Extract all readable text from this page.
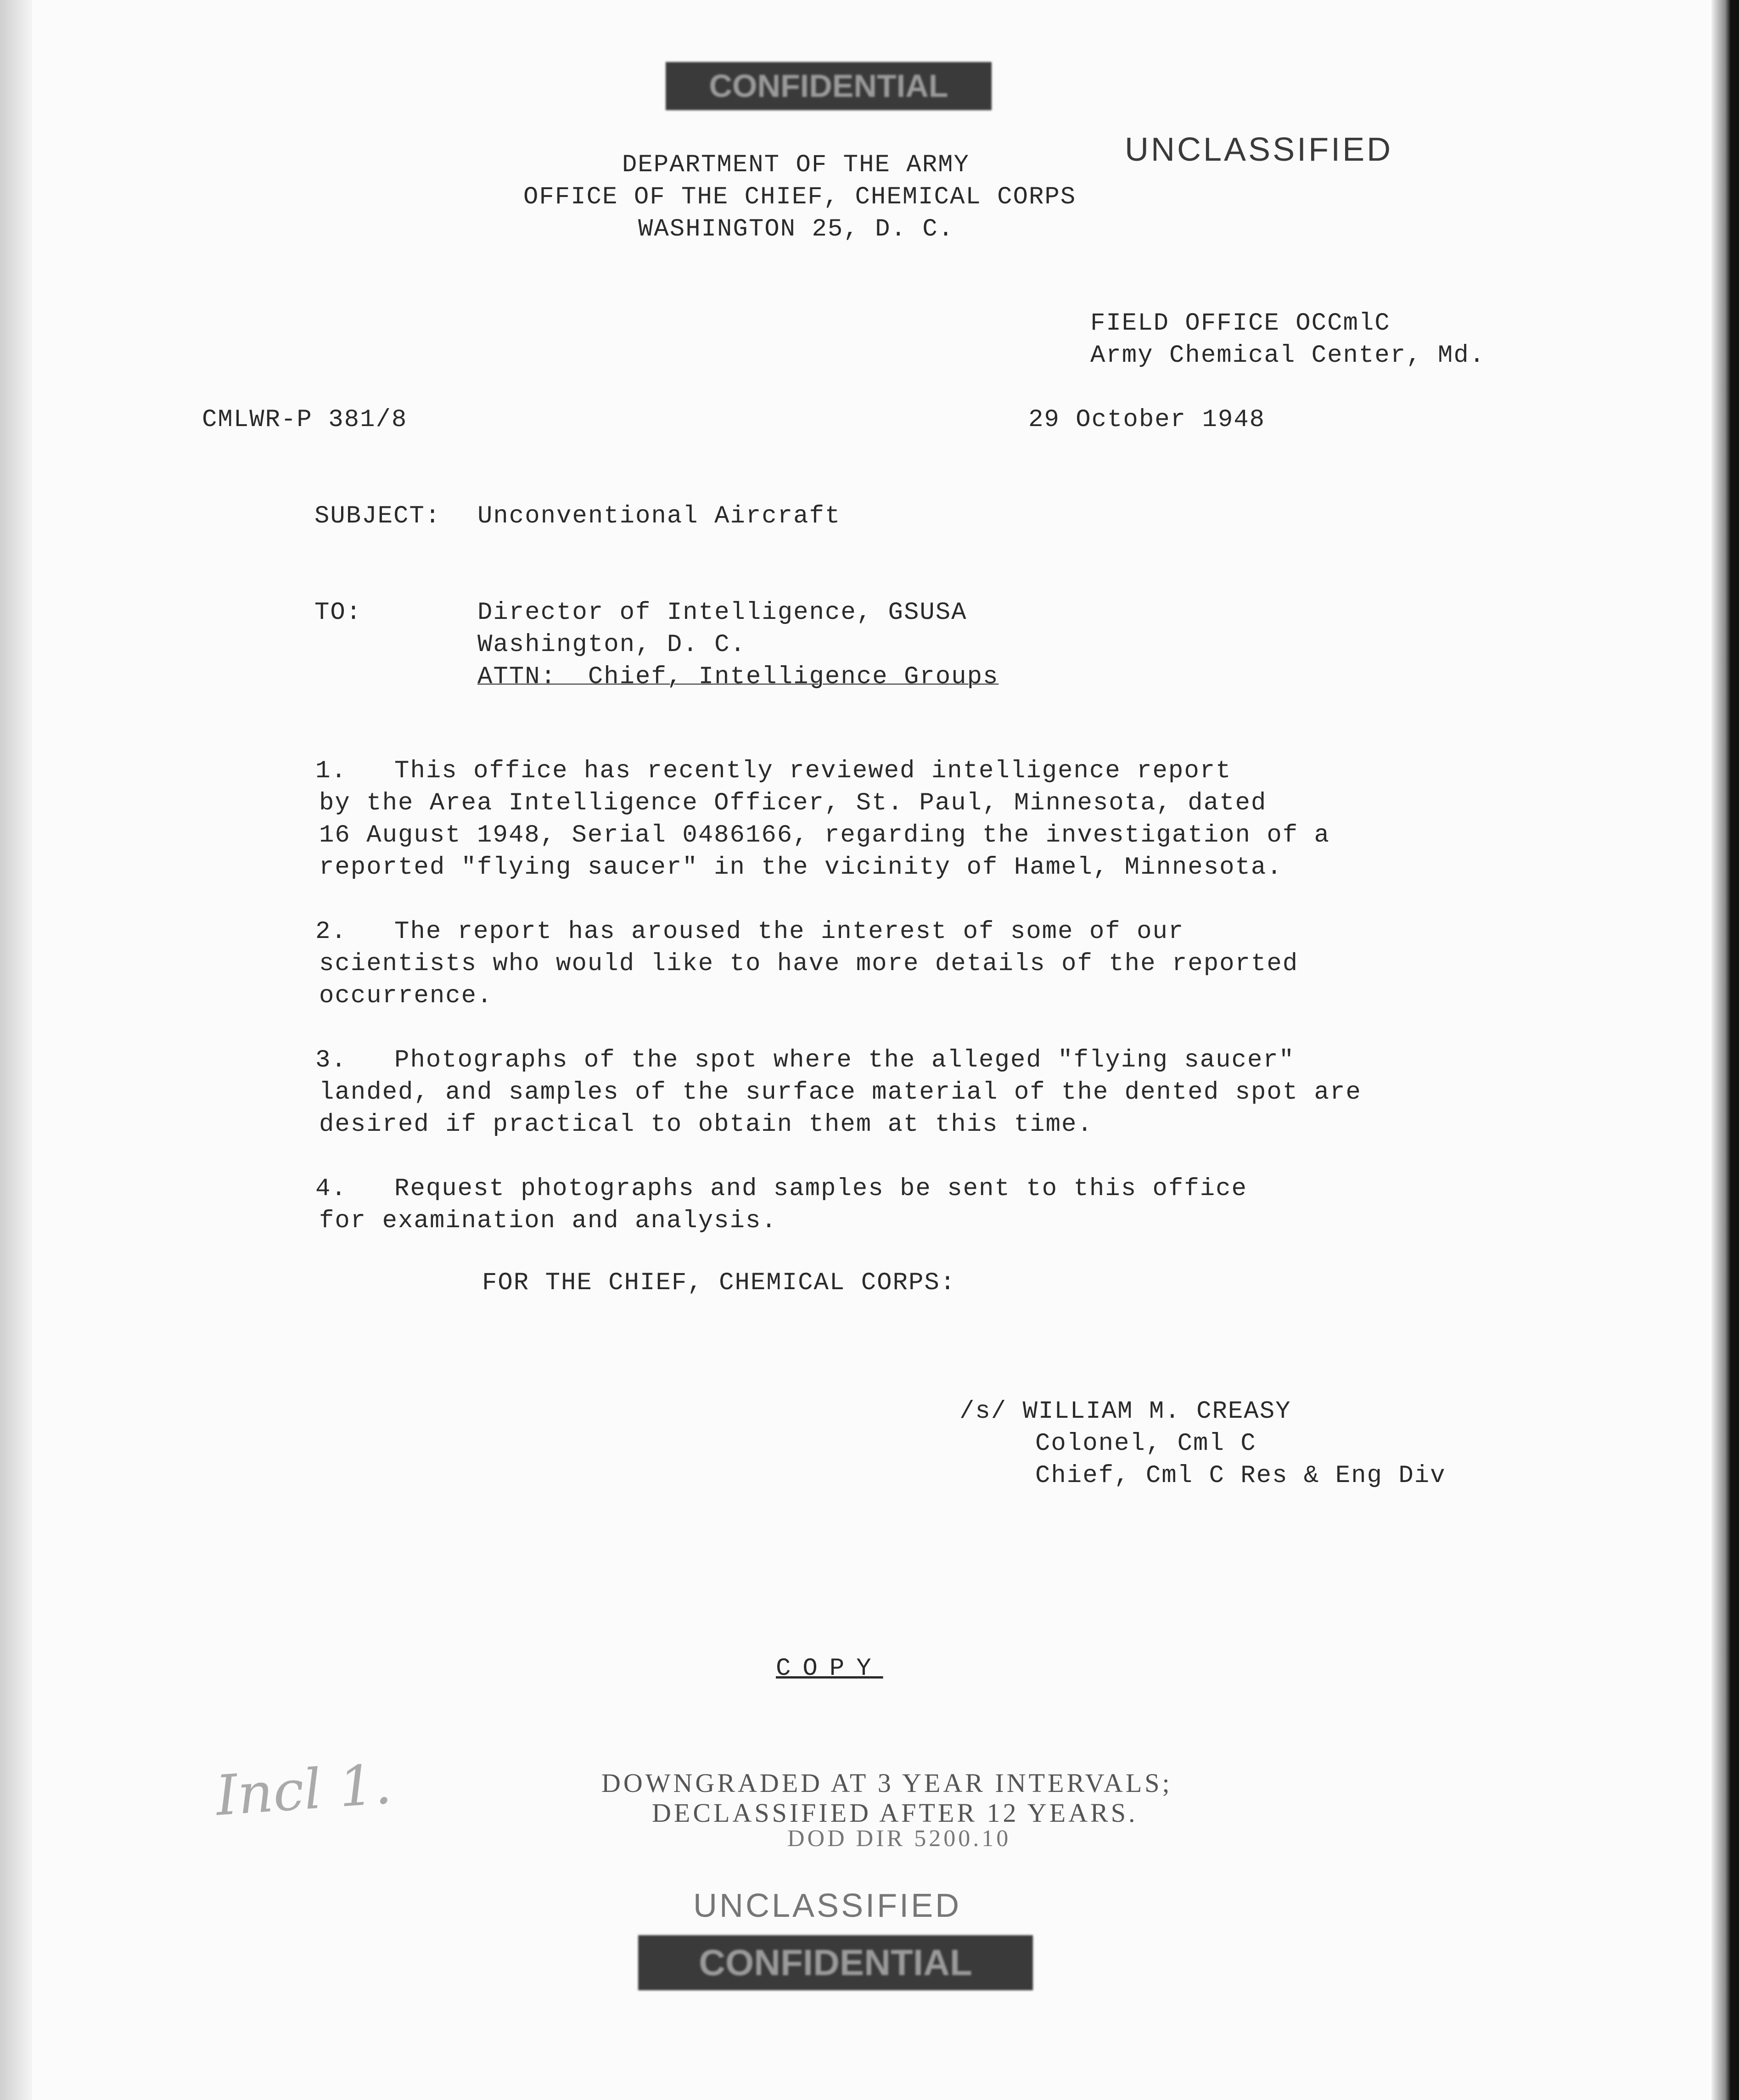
CONFIDENTIAL
UNCLASSIFIED
DEPARTMENT OF THE ARMY
OFFICE OF THE CHIEF, CHEMICAL CORPS
WASHINGTON 25, D. C.
FIELD OFFICE OCCmlC
Army Chemical Center, Md.
CMLWR-P 381/8	29 October 1948
SUBJECT: Unconventional Aircraft
TO:	Director of Intelligence, GSUSA
Washington, D. C.
ATTN:  Chief, Intelligence Groups
1.   This office has recently reviewed intelligence report
by the Area Intelligence Officer, St. Paul, Minnesota, dated
16 August 1948, Serial 0486166, regarding the investigation of a
reported "flying saucer" in the vicinity of Hamel, Minnesota.
2.   The report has aroused the interest of some of our
scientists who would like to have more details of the reported
occurrence.
3.   Photographs of the spot where the alleged "flying saucer"
landed, and samples of the surface material of the dented spot are
desired if practical to obtain them at this time.
4.   Request photographs and samples be sent to this office
for examination and analysis.
FOR THE CHIEF, CHEMICAL CORPS:
/s/ WILLIAM M. CREASY
Colonel, Cml C
Chief, Cml C Res & Eng Div
COPY
Incl 1.	DOWNGRADED AT 3 YEAR INTERVALS;
DECLASSIFIED AFTER 12 YEARS.
DOD DIR 5200.10
UNCLASSIFIED
CONFIDENTIAL
